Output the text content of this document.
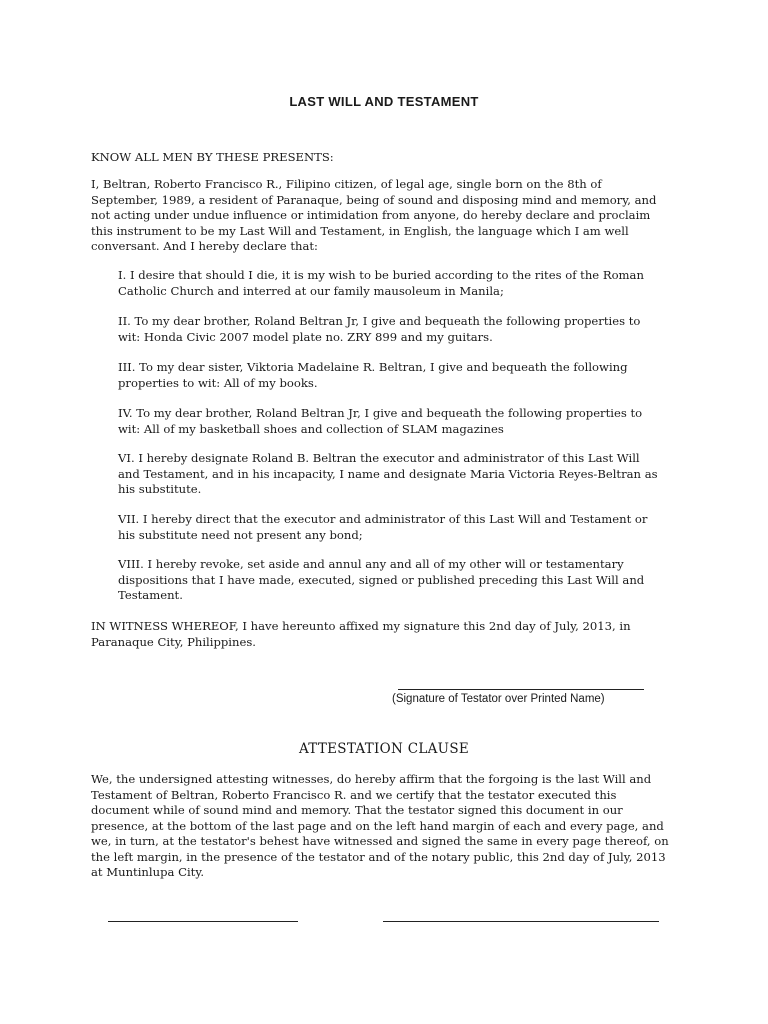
LAST WILL AND TESTAMENT

KNOW ALL MEN BY THESE PRESENTS:

I, Beltran, Roberto Francisco R., Filipino citizen, of legal age, single born on the 8th of September, 1989, a resident of Paranaque, being of sound and disposing mind and memory, and not acting under undue influence or intimidation from anyone, do hereby declare and proclaim this instrument to be my Last Will and Testament, in English, the language which I am well conversant. And I hereby declare that:

I. I desire that should I die, it is my wish to be buried according to the rites of the Roman Catholic Church and interred at our family mausoleum in Manila;

II. To my dear brother, Roland Beltran Jr, I give and bequeath the following properties to wit: Honda Civic 2007 model plate no. ZRY 899 and my guitars.

III. To my dear sister, Viktoria Madelaine R. Beltran, I give and bequeath the following properties to wit: All of my books.

IV. To my dear brother, Roland Beltran Jr, I give and bequeath the following properties to wit: All of my basketball shoes and collection of SLAM magazines

VI. I hereby designate Roland B. Beltran the executor and administrator of this Last Will and Testament, and in his incapacity, I name and designate Maria Victoria Reyes-Beltran as his substitute.

VII. I hereby direct that the executor and administrator of this Last Will and Testament or his substitute need not present any bond;

VIII. I hereby revoke, set aside and annul any and all of my other will or testamentary dispositions that I have made, executed, signed or published preceding this Last Will and Testament.

IN WITNESS WHEREOF, I have hereunto affixed my signature this 2nd day of July, 2013, in Paranaque City, Philippines.

(Signature of Testator over Printed Name)
ATTESTATION CLAUSE

We, the undersigned attesting witnesses, do hereby affirm that the forgoing is the last Will and Testament of Beltran, Roberto Francisco R. and we certify that the testator executed this document while of sound mind and memory. That the testator signed this document in our presence, at the bottom of the last page and on the left hand margin of each and every page, and we, in turn, at the testator's behest have witnessed and signed the same in every page thereof, on the left margin, in the presence of the testator and of the notary public, this 2nd day of July, 2013 at Muntinlupa City.
